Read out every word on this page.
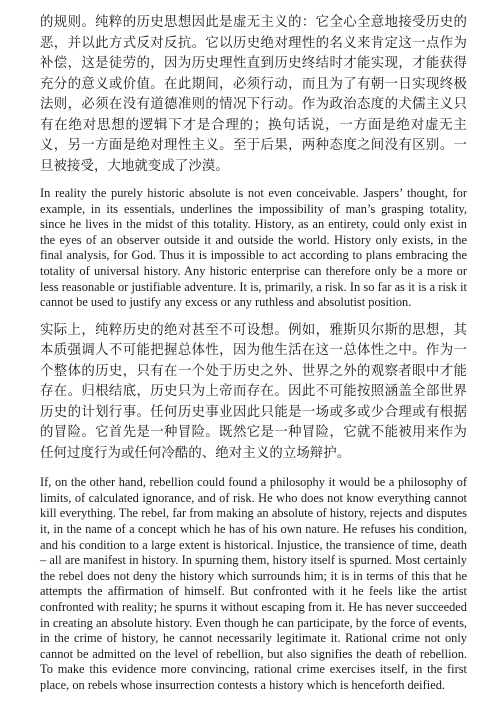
的规则。纯粹的历史思想因此是虚无主义的：它全心全意地接受历史的恶，并以此方式反对反抗。它以历史绝对理性的名义来肯定这一点作为补偿，这是徒劳的，因为历史理性直到历史终结时才能实现，才能获得充分的意义或价值。在此期间，必须行动，而且为了有朝一日实现终极法则，必须在没有道德准则的情况下行动。作为政治态度的犬儒主义只有在绝对思想的逻辑下才是合理的；换句话说，一方面是绝对虚无主义，另一方面是绝对理性主义。至于后果，两种态度之间没有区别。一旦被接受，大地就变成了沙漠。

In reality the purely historic absolute is not even conceivable. Jaspers’ thought, for example, in its essentials, underlines the impossibility of man’s grasping totality, since he lives in the midst of this totality. History, as an entirety, could only exist in the eyes of an observer outside it and outside the world. History only exists, in the final analysis, for God. Thus it is impossible to act according to plans embracing the totality of universal history. Any historic enterprise can therefore only be a more or less reasonable or justifiable adventure. It is, primarily, a risk. In so far as it is a risk it cannot be used to justify any excess or any ruthless and absolutist position.

实际上，纯粹历史的绝对甚至不可设想。例如，雅斯贝尔斯的思想，其本质强调人不可能把握总体性，因为他生活在这一总体性之中。作为一个整体的历史，只有在一个处于历史之外、世界之外的观察者眼中才能存在。归根结底，历史只为上帝而存在。因此不可能按照涵盖全部世界历史的计划行事。任何历史事业因此只能是一场或多或少合理或有根据的冒险。它首先是一种冒险。既然它是一种冒险，它就不能被用来作为任何过度行为或任何冷酷的、绝对主义的立场辩护。

If, on the other hand, rebellion could found a philosophy it would be a philosophy of limits, of calculated ignorance, and of risk. He who does not know everything cannot kill everything. The rebel, far from making an absolute of history, rejects and disputes it, in the name of a concept which he has of his own nature. He refuses his condition, and his condition to a large extent is historical. Injustice, the transience of time, death – all are manifest in history. In spurning them, history itself is spurned. Most certainly the rebel does not deny the history which surrounds him; it is in terms of this that he attempts the affirmation of himself. But confronted with it he feels like the artist confronted with reality; he spurns it without escaping from it. He has never succeeded in creating an absolute history. Even though he can participate, by the force of events, in the crime of history, he cannot necessarily legitimate it. Rational crime not only cannot be admitted on the level of rebellion, but also signifies the death of rebellion. To make this evidence more convincing, rational crime exercises itself, in the first place, on rebels whose insurrection contests a history which is henceforth deified.
